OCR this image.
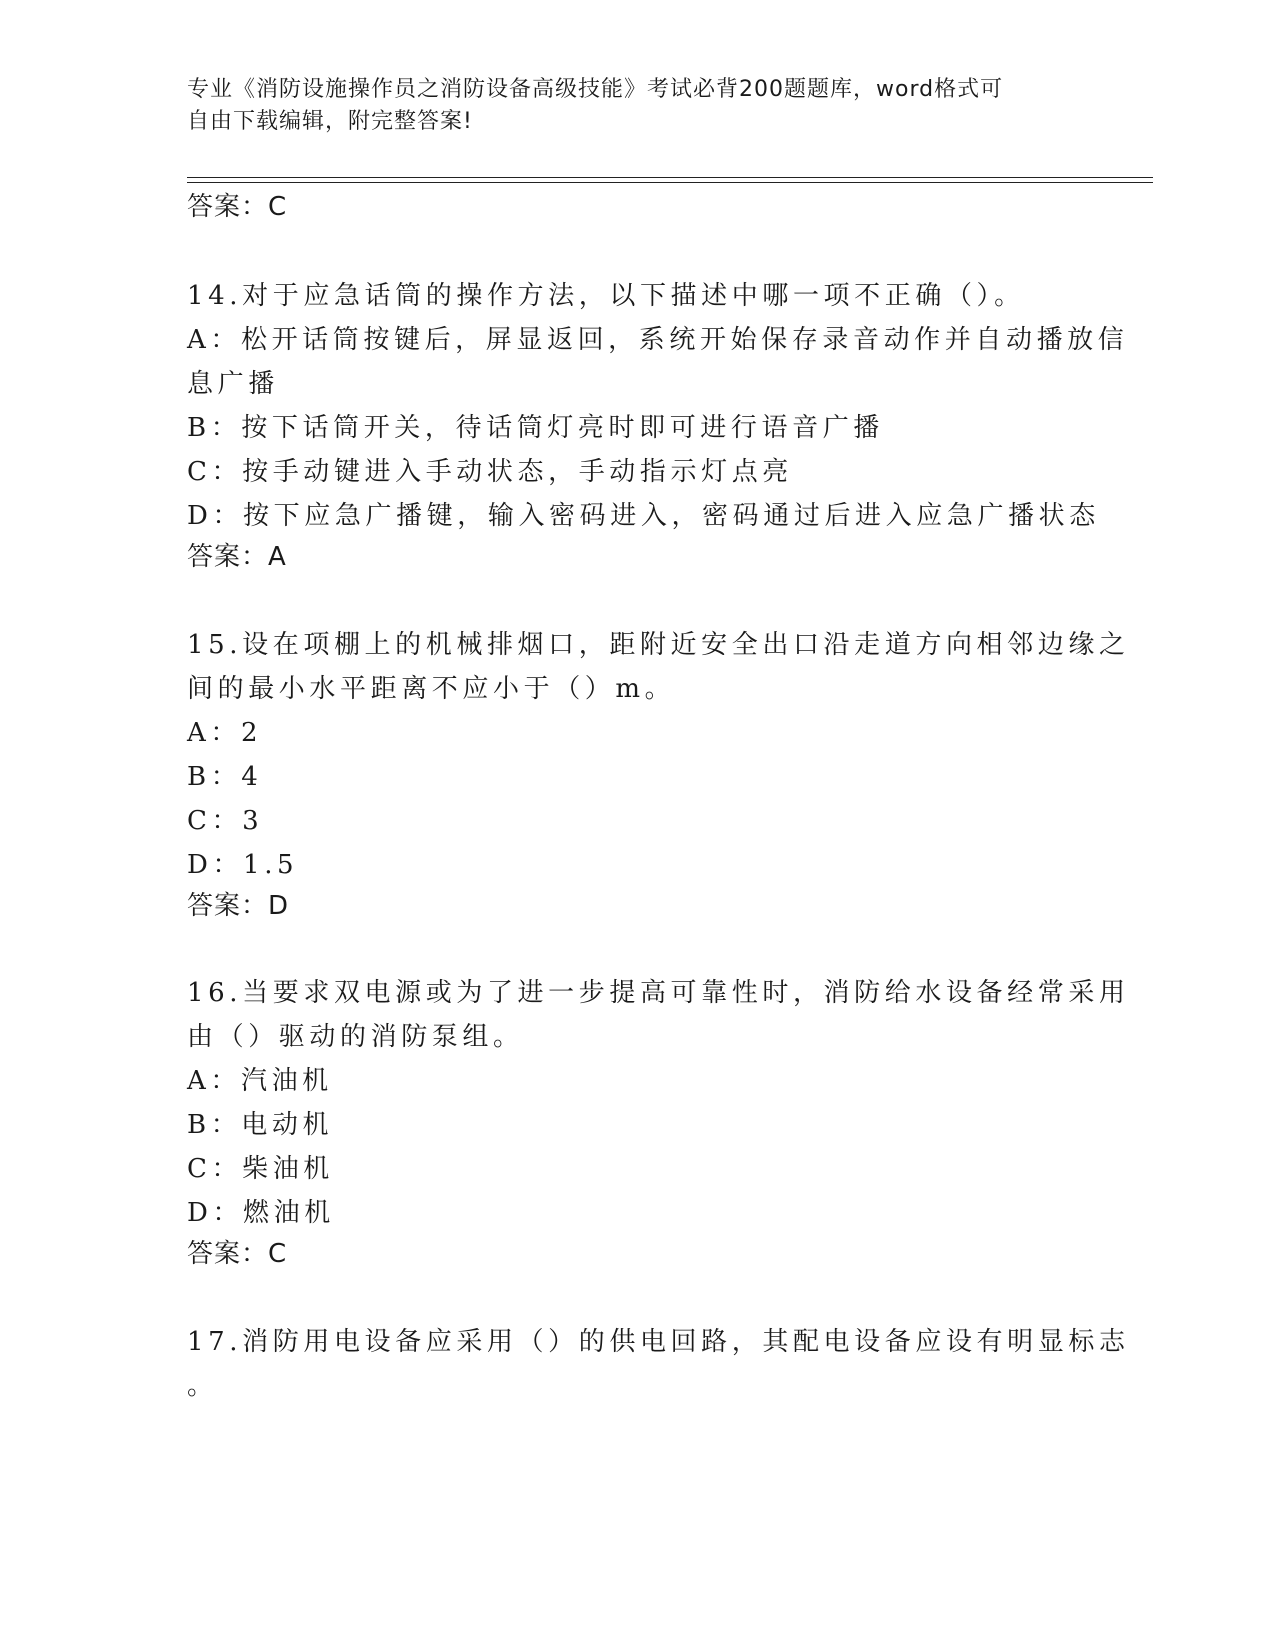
专业《消防设施操作员之消防设备高级技能》考试必背200题题库，word格式可
自由下载编辑，附完整答案!
答案：C
14.对于应急话筒的操作方法，以下描述中哪一项不正确（）。
A：松开话筒按键后，屏显返回，系统开始保存录音动作并自动播放信
息广播
B：按下话筒开关，待话筒灯亮时即可进行语音广播
C：按手动键进入手动状态，手动指示灯点亮
D：按下应急广播键，输入密码进入，密码通过后进入应急广播状态
答案：A
15.设在项棚上的机械排烟口，距附近安全出口沿走道方向相邻边缘之
间的最小水平距离不应小于（）m。
A：2
B：4
C：3
D：1.5
答案：D
16.当要求双电源或为了进一步提高可靠性时，消防给水设备经常采用
由（）驱动的消防泵组。
A：汽油机
B：电动机
C：柴油机
D：燃油机
答案：C
17.消防用电设备应采用（）的供电回路，其配电设备应设有明显标志
。
